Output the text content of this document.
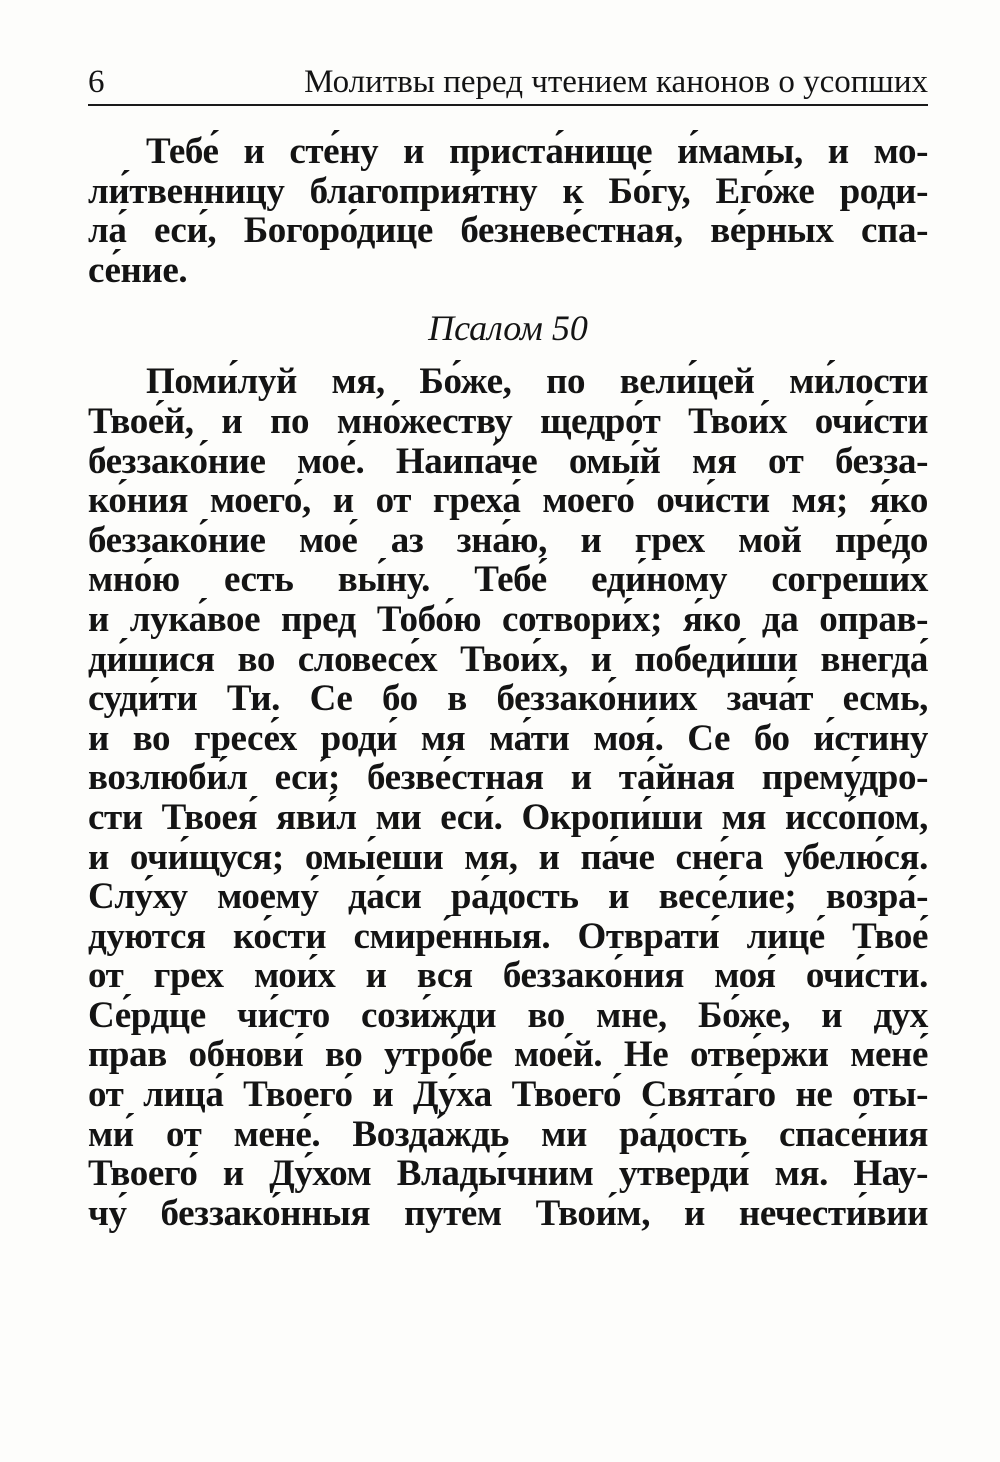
6	Молитвы перед чтением канонов о усопших
Тебе́ и сте́ну и приста́нище и́мамы, и мо-
ли́твенницу благоприя́тну к Бо́гу, Его́же роди-
ла́ еси́, Богоро́дице безневе́стная, ве́рных спа-
се́ние.
Псалом 50
Поми́луй мя, Бо́же, по вели́цей ми́лости
Твое́й, и по мно́жеству щедро́т Твои́х очи́сти
беззако́ние мое́. Наипа́че омы́й мя от безза-
ко́ния моего́, и от греха́ моего́ очи́сти мя; я́ко
беззако́ние мое́ аз зна́ю, и грех мой пре́до
мно́ю есть вы́ну. Тебе́ еди́ному согреши́х
и лука́вое пред Тобо́ю сотвори́х; я́ко да оправ-
ди́шися во словесе́х Твои́х, и победи́ши внегда́
суди́ти Ти. Се бо в беззако́ниих зача́т есмь,
и во гресе́х роди́ мя ма́ти моя́. Се бо и́стину
возлюби́л еси́; безве́стная и та́йная прему́дро-
сти Твоея́ яви́л ми еси́. Окропи́ши мя иссо́пом,
и очи́щуся; омы́еши мя, и па́че сне́га убелю́ся.
Слу́ху моему́ да́си ра́дость и весе́лие; возра́-
дуются ко́сти смире́нныя. Отврати́ лице́ Твое́
от грех мои́х и вся беззако́ния моя́ очи́сти.
Се́рдце чи́сто сози́жди во мне, Бо́же, и дух
прав обнови́ во утро́бе мое́й. Не отве́ржи мене́
от лица́ Твоего́ и Ду́ха Твоего́ Свята́го не оты-
ми́ от мене́. Возда́ждь ми ра́дость спасе́ния
Твоего́ и Ду́хом Влады́чним утверди́ мя. Нау-
чу́ беззако́нныя путе́м Твои́м, и нечести́вии
